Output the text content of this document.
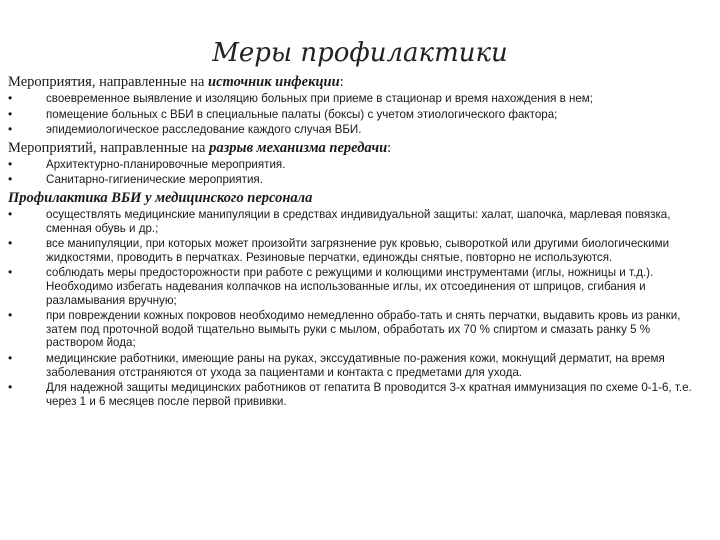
Меры профилактики
Мероприятия, направленные на источник инфекции:
• своевременное выявление и изоляцию больных при приеме в стационар и время нахождения в нем;
• помещение больных с ВБИ в специальные палаты (боксы) с учетом этиологического фактора;
• эпидемиологическое расследование каждого случая ВБИ.
Мероприятий, направленные на разрыв механизма передачи:
• Архитектурно-планировочные мероприятия.
• Санитарно-гигиенические мероприятия.
Профилактика ВБИ у медицинского персонала
• осуществлять медицинские манипуляции в средствах индивидуальной защиты: халат, шапочка, марлевая повязка, сменная обувь и др.;
• все манипуляции, при которых может произойти загрязнение рук кровью, сывороткой или другими биологическими жидкостями, проводить в перчатках. Резиновые перчатки, единожды снятые, повторно не используются.
• соблюдать меры предосторожности при работе с режущими и колющими инструментами (иглы, ножницы и т.д.). Необходимо избегать надевания колпачков на использованные иглы, их отсоединения от шприцов, сгибания и разламывания вручную;
• при повреждении кожных покровов необходимо немедленно обрабо-тать и снять перчатки, выдавить кровь из ранки, затем под проточной водой тщательно вымыть руки с мылом, обработать их 70 % спиртом и смазать ранку 5 % раствором йода;
• медицинские работники, имеющие раны на руках, экссудативные по-ражения кожи, мокнущий дерматит, на время заболевания отстраняются от ухода за пациентами и контакта с предметами для ухода.
• Для надежной защиты медицинских работников от гепатита В проводится 3-х кратная иммунизация по схеме 0-1-6, т.е. через 1 и 6 месяцев после первой прививки.
